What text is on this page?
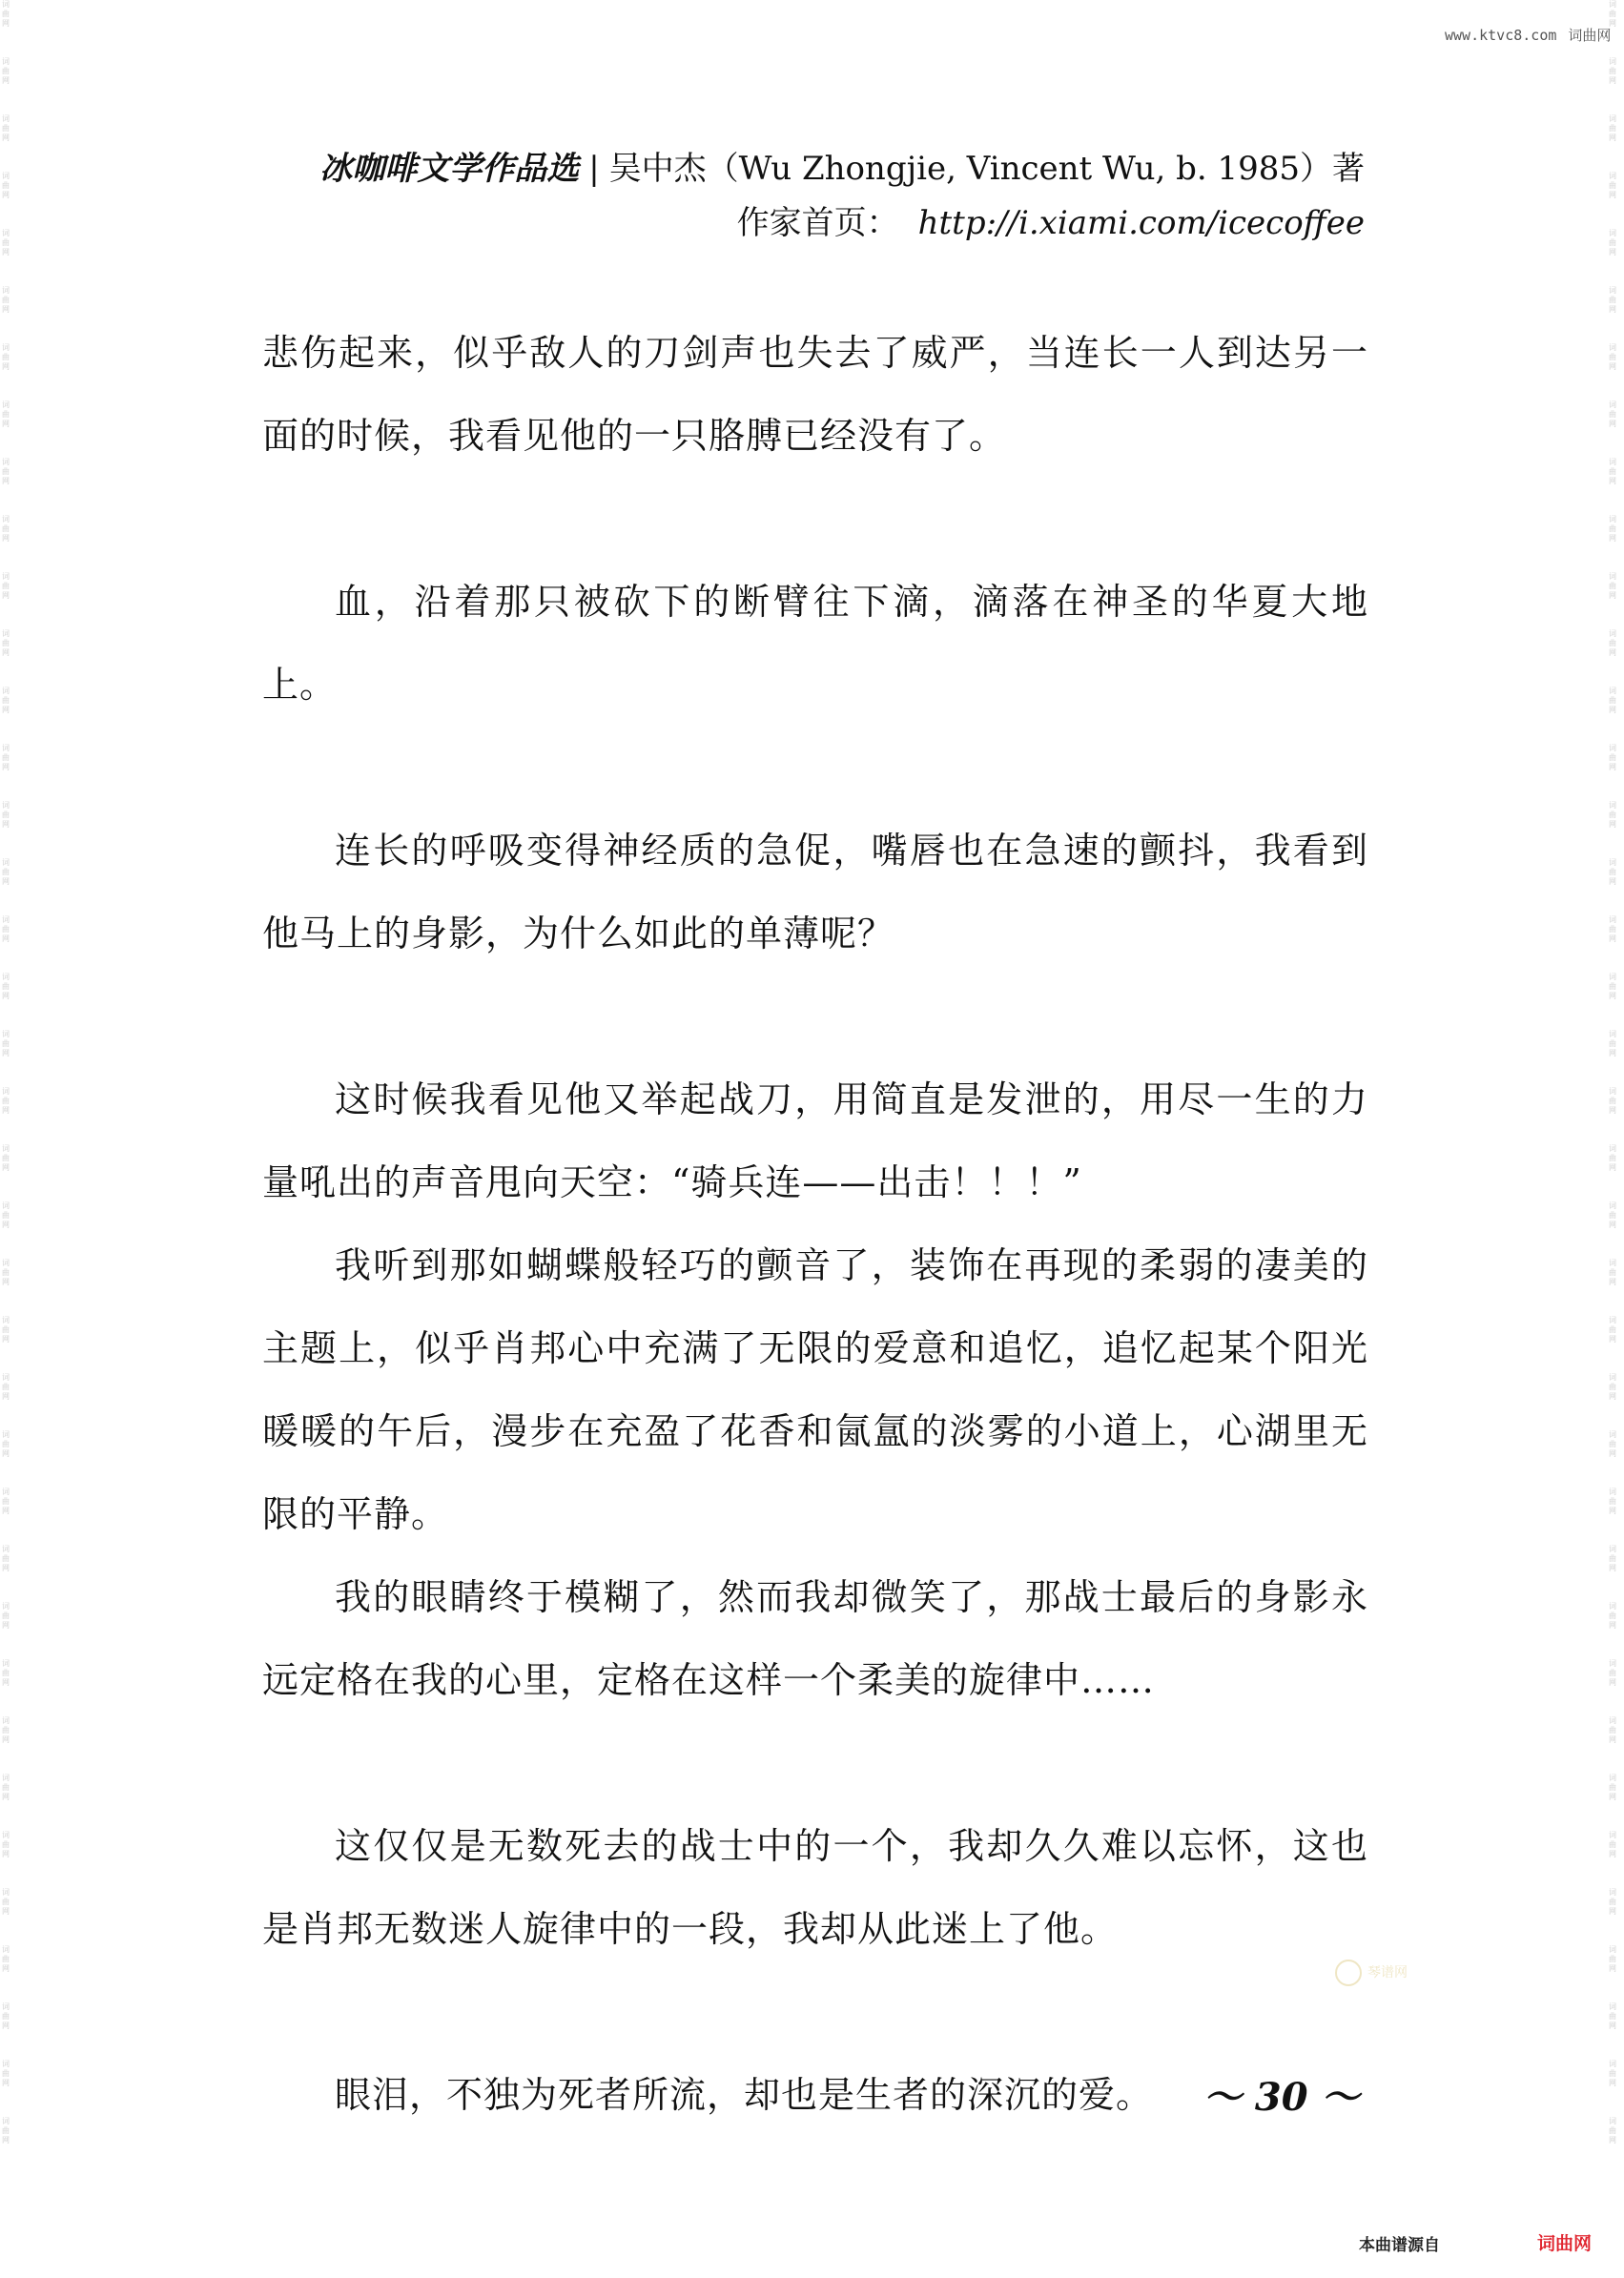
词曲网
词曲网
词曲网
词曲网
词曲网
词曲网
词曲网
词曲网
词曲网
词曲网
词曲网
词曲网
词曲网
词曲网
词曲网
词曲网
词曲网
词曲网
词曲网
词曲网
词曲网
词曲网
词曲网
词曲网
词曲网
词曲网
词曲网
词曲网
词曲网
词曲网
词曲网
词曲网
词曲网
词曲网
词曲网
词曲网
词曲网
词曲网
词曲网
词曲网
词曲网
词曲网
词曲网
词曲网
词曲网
词曲网
词曲网
词曲网
词曲网
词曲网
词曲网
词曲网
词曲网
词曲网
词曲网
词曲网
词曲网
词曲网
词曲网
词曲网
词曲网
词曲网
词曲网
词曲网
词曲网
词曲网
词曲网
词曲网
词曲网
词曲网
词曲网
词曲网
词曲网
词曲网
词曲网
词曲网
www.ktvc8.com 词曲网
冰咖啡文学作品选 | 吴中杰（Wu Zhongjie, Vincent Wu, b. 1985）著
作家首页： http://i.xiami.com/icecoffee

悲伤起来，似乎敌人的刀剑声也失去了威严，当连长一人到达另一面的时候，我看见他的一只胳膊已经没有了。

血，沿着那只被砍下的断臂往下滴，滴落在神圣的华夏大地上。

连长的呼吸变得神经质的急促，嘴唇也在急速的颤抖，我看到他马上的身影，为什么如此的单薄呢？

这时候我看见他又举起战刀，用简直是发泄的，用尽一生的力量吼出的声音甩向天空：“骑兵连——出击！！！”

我听到那如蝴蝶般轻巧的颤音了，装饰在再现的柔弱的凄美的主题上，似乎肖邦心中充满了无限的爱意和追忆，追忆起某个阳光暖暖的午后，漫步在充盈了花香和氤氲的淡雾的小道上，心湖里无限的平静。

我的眼睛终于模糊了，然而我却微笑了，那战士最后的身影永远定格在我的心里，定格在这样一个柔美的旋律中……

这仅仅是无数死去的战士中的一个，我却久久难以忘怀，这也是肖邦无数迷人旋律中的一段，我却从此迷上了他。

眼泪，不独为死者所流，却也是生者的深沉的爱。

琴谱网
～ 30 ～
本曲谱源自	词曲网
